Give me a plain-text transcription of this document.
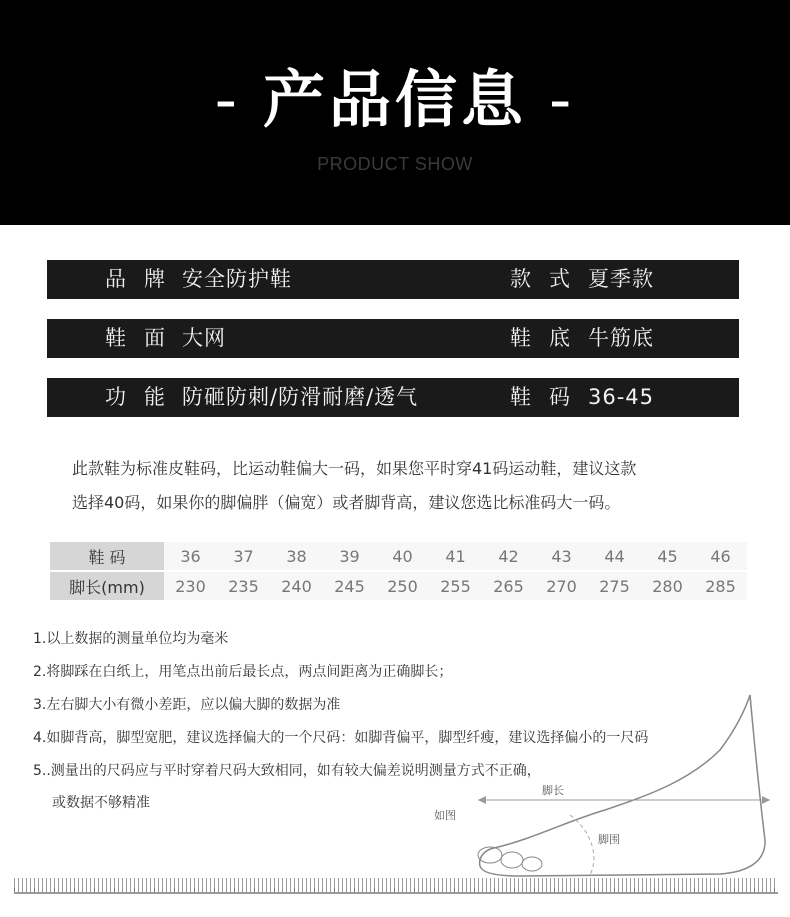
- 产品信息 -
PRODUCT SHOW
品牌 安全防护鞋	款式 夏季款
鞋面 大网	鞋底 牛筋底
功能 防砸防刺/防滑耐磨/透气	鞋码 36-45
此款鞋为标准皮鞋码，比运动鞋偏大一码，如果您平时穿41码运动鞋，建议这款
选择40码，如果你的脚偏胖（偏宽）或者脚背高，建议您选比标准码大一码。
鞋 码	36	37	38	39	40	41	42	43	44	45	46
脚长(mm)	230	235	240	245	250	255	265	270	275	280	285
脚长
如图
脚围
1.以上数据的测量单位均为毫米
2.将脚踩在白纸上，用笔点出前后最长点，两点间距离为正确脚长；
3.左右脚大小有微小差距，应以偏大脚的数据为准
4.如脚背高，脚型宽肥，建议选择偏大的一个尺码：如脚背偏平，脚型纤瘦，建议选择偏小的一尺码
5..测量出的尺码应与平时穿着尺码大致相同，如有较大偏差说明测量方式不正确，
或数据不够精准
